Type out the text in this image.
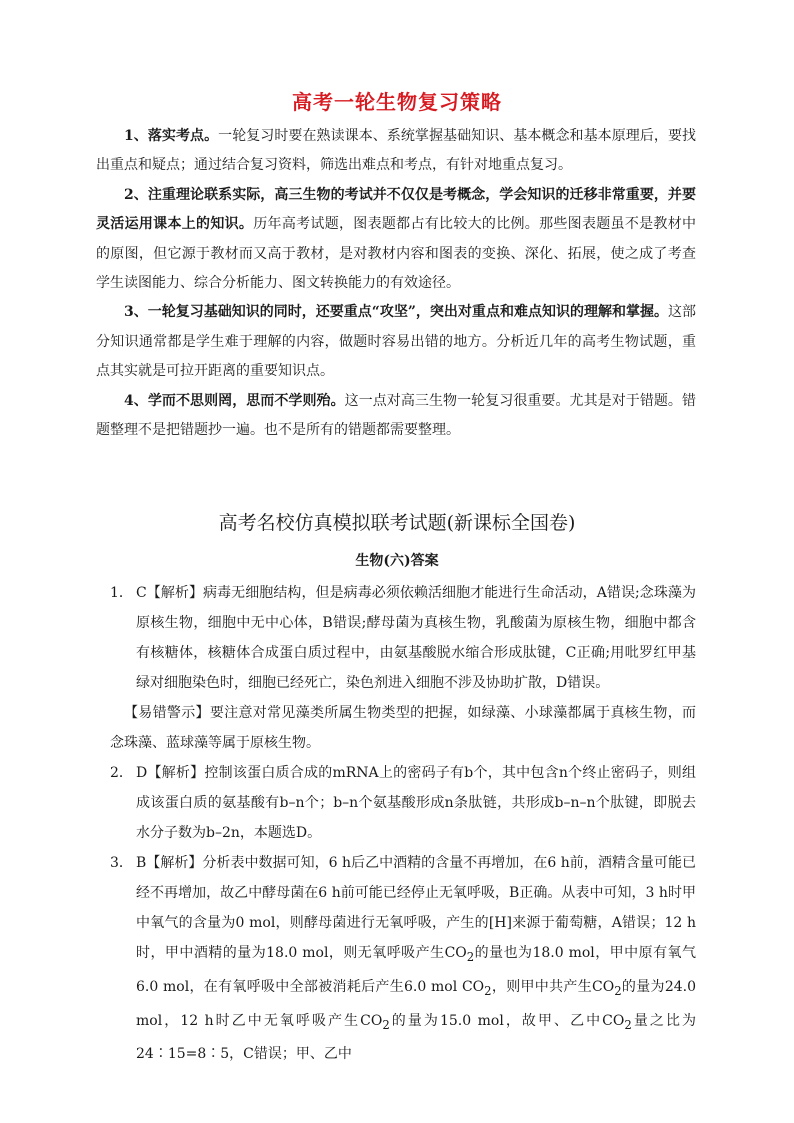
高考一轮生物复习策略

1、落实考点。一轮复习时要在熟读课本、系统掌握基础知识、基本概念和基本原理后，要找出重点和疑点；通过结合复习资料，筛选出难点和考点，有针对地重点复习。

2、注重理论联系实际，高三生物的考试并不仅仅是考概念，学会知识的迁移非常重要，并要灵活运用课本上的知识。历年高考试题，图表题都占有比较大的比例。那些图表题虽不是教材中的原图，但它源于教材而又高于教材，是对教材内容和图表的变换、深化、拓展，使之成了考查学生读图能力、综合分析能力、图文转换能力的有效途径。

3、一轮复习基础知识的同时，还要重点“攻坚”，突出对重点和难点知识的理解和掌握。这部分知识通常都是学生难于理解的内容，做题时容易出错的地方。分析近几年的高考生物试题，重点其实就是可拉开距离的重要知识点。

4、学而不思则罔，思而不学则殆。这一点对高三生物一轮复习很重要。尤其是对于错题。错题整理不是把错题抄一遍。也不是所有的错题都需要整理。

高考名校仿真模拟联考试题(新课标全国卷)
生物(六)答案

1． C【解析】病毒无细胞结构，但是病毒必须依赖活细胞才能进行生命活动，A错误;念珠藻为原核生物，细胞中无中心体，B错误;酵母菌为真核生物，乳酸菌为原核生物，细胞中都含有核糖体，核糖体合成蛋白质过程中，由氨基酸脱水缩合形成肽键，C正确;用吡罗红甲基绿对细胞染色时，细胞已经死亡，染色剂进入细胞不涉及协助扩散，D错误。

【易错警示】要注意对常见藻类所属生物类型的把握，如绿藻、小球藻都属于真核生物，而念珠藻、蓝球藻等属于原核生物。

2． D【解析】控制该蛋白质合成的mRNA上的密码子有b个，其中包含n个终止密码子，则组成该蛋白质的氨基酸有b–n个；b–n个氨基酸形成n条肽链，共形成b–n–n个肽键，即脱去水分子数为b–2n，本题选D。

3． B【解析】分析表中数据可知，6 h后乙中酒精的含量不再增加，在6 h前，酒精含量可能已经不再增加，故乙中酵母菌在6 h前可能已经停止无氧呼吸，B正确。从表中可知，3 h时甲中氧气的含量为0 mol，则酵母菌进行无氧呼吸，产生的[H]来源于葡萄糖，A错误；12 h时，甲中酒精的量为18.0 mol，则无氧呼吸产生$CO_2$的量也为18.0 mol，甲中原有氧气6.0 mol，在有氧呼吸中全部被消耗后产生6.0 mol $CO_2$，则甲中共产生$CO_2$的量为24.0 mol，12 h时乙中无氧呼吸产生$CO_2$的量为15.0 mol，故甲、乙中$CO_2$量之比为24∶15=8∶5，C错误；甲、乙中
